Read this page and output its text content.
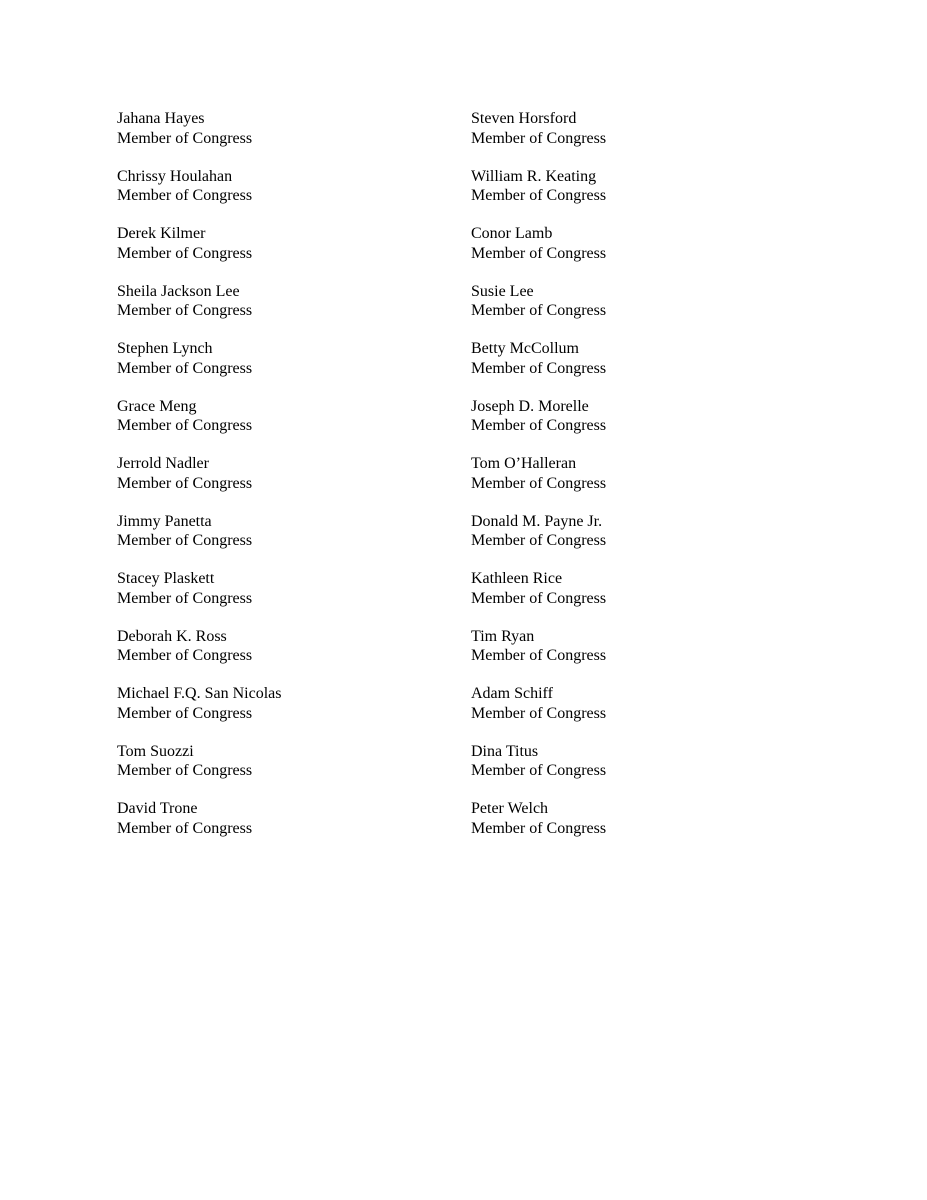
Jahana Hayes
Member of Congress
Steven Horsford
Member of Congress
Chrissy Houlahan
Member of Congress
William R. Keating
Member of Congress
Derek Kilmer
Member of Congress
Conor Lamb
Member of Congress
Sheila Jackson Lee
Member of Congress
Susie Lee
Member of Congress
Stephen Lynch
Member of Congress
Betty McCollum
Member of Congress
Grace Meng
Member of Congress
Joseph D. Morelle
Member of Congress
Jerrold Nadler
Member of Congress
Tom O’Halleran
Member of Congress
Jimmy Panetta
Member of Congress
Donald M. Payne Jr.
Member of Congress
Stacey Plaskett
Member of Congress
Kathleen Rice
Member of Congress
Deborah K. Ross
Member of Congress
Tim Ryan
Member of Congress
Michael F.Q. San Nicolas
Member of Congress
Adam Schiff
Member of Congress
Tom Suozzi
Member of Congress
Dina Titus
Member of Congress
David Trone
Member of Congress
Peter Welch
Member of Congress
